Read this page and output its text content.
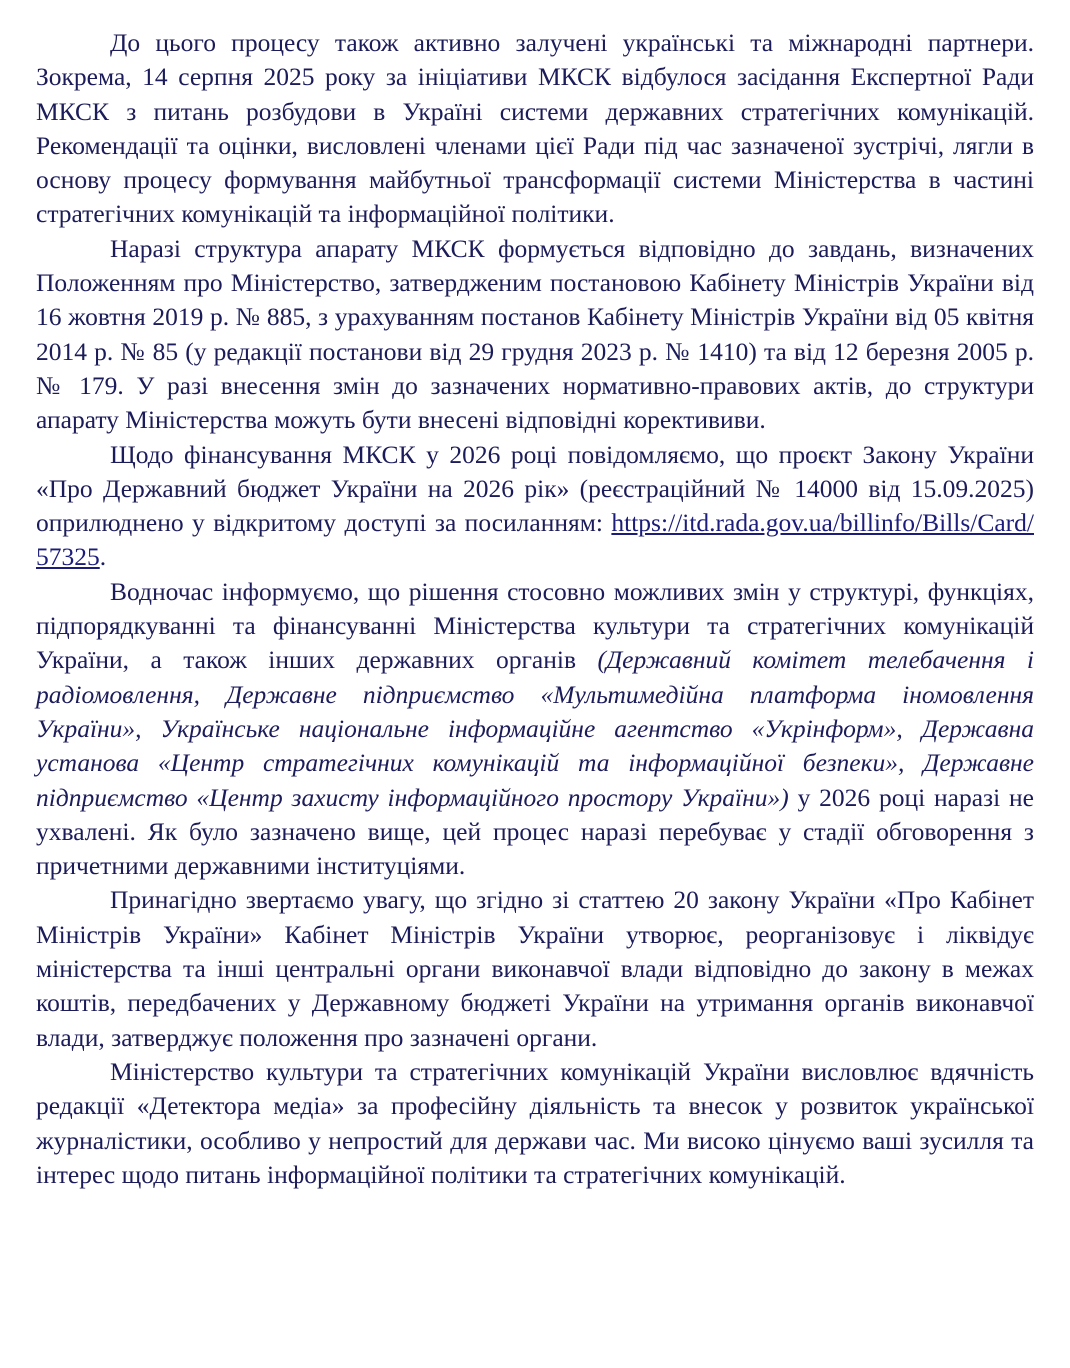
До цього процесу також активно залучені українські та міжнародні партнери. Зокрема, 14 серпня 2025 року за ініціативи МКСК відбулося засідання Експертної Ради МКСК з питань розбудови в Україні системи державних стратегічних комунікацій. Рекомендації та оцінки, висловлені членами цієї Ради під час зазначеної зустрічі, лягли в основу процесу формування майбутньої трансформації системи Міністерства в частині стратегічних комунікацій та інформаційної політики.

Наразі структура апарату МКСК формується відповідно до завдань, визначених Положенням про Міністерство, затвердженим постановою Кабінету Міністрів України від 16 жовтня 2019 р. № 885, з урахуванням постанов Кабінету Міністрів України від 05 квітня 2014 р. № 85 (у редакції постанови від 29 грудня 2023 р. № 1410) та від 12 березня 2005 р. № 179. У разі внесення змін до зазначених нормативно-правових актів, до структури апарату Міністерства можуть бути внесені відповідні коректививи.

Щодо фінансування МКСК у 2026 році повідомляємо, що проєкт Закону України «Про Державний бюджет України на 2026 рік» (реєстраційний № 14000 від 15.09.2025) оприлюднено у відкритому доступі за посиланням: https://itd.rada.gov.ua/billinfo/Bills/Card/57325.

Водночас інформуємо, що рішення стосовно можливих змін у структурі, функціях, підпорядкуванні та фінансуванні Міністерства культури та стратегічних комунікацій України, а також інших державних органів (Державний комітет телебачення і радіомовлення, Державне підприємство «Мультимедійна платформа іномовлення України», Українське національне інформаційне агентство «Укрінформ», Державна установа «Центр стратегічних комунікацій та інформаційної безпеки», Державне підприємство «Центр захисту інформаційного простору України») у 2026 році наразі не ухвалені. Як було зазначено вище, цей процес наразі перебуває у стадії обговорення з причетними державними інституціями.

Принагідно звертаємо увагу, що згідно зі статтею 20 закону України «Про Кабінет Міністрів України» Кабінет Міністрів України утворює, реорганізовує і ліквідує міністерства та інші центральні органи виконавчої влади відповідно до закону в межах коштів, передбачених у Державному бюджеті України на утримання органів виконавчої влади, затверджує положення про зазначені органи.

Міністерство культури та стратегічних комунікацій України висловлює вдячність редакції «Детектора медіа» за професійну діяльність та внесок у розвиток української журналістики, особливо у непростий для держави час. Ми високо цінуємо ваші зусилля та інтерес щодо питань інформаційної політики та стратегічних комунікацій.
